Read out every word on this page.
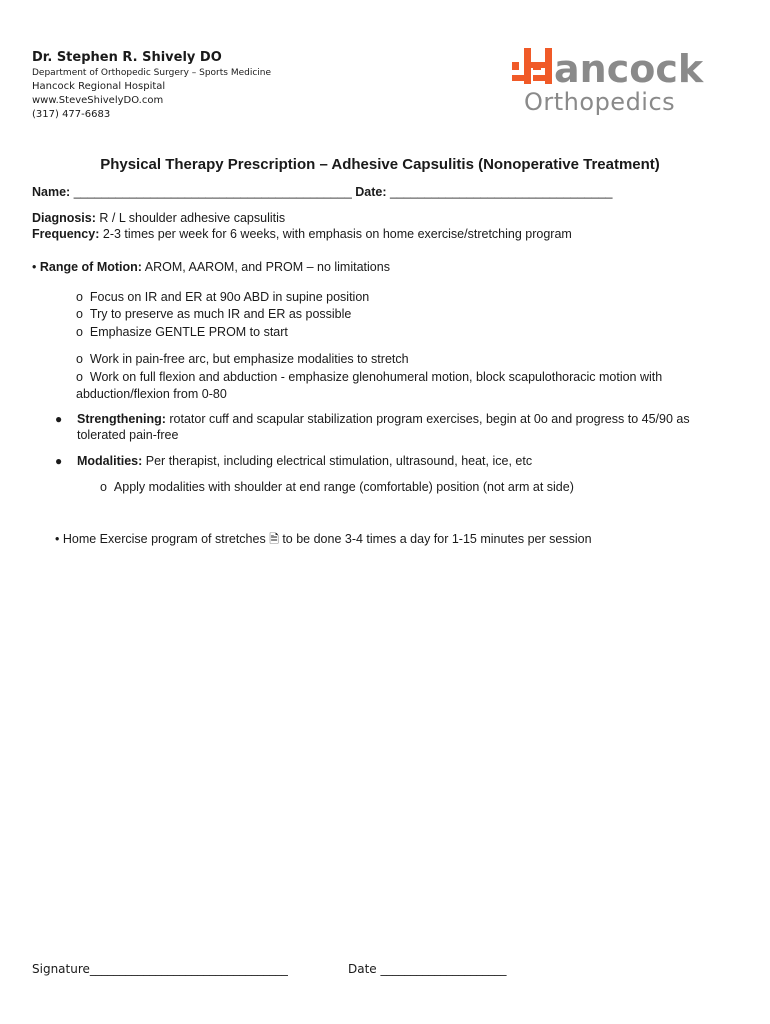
Dr. Stephen R. Shively DO
Department of Orthopedic Surgery – Sports Medicine
Hancock Regional Hospital
www.SteveShivelyDO.com
(317) 477-6683
ancock
Orthopedics
Physical Therapy Prescription – Adhesive Capsulitis (Nonoperative Treatment)
Name: ________________________________________ Date: ________________________________
Diagnosis: R / L shoulder adhesive capsulitis
Frequency: 2-3 times per week for 6 weeks, with emphasis on home exercise/stretching program
• Range of Motion: AROM, AAROM, and PROM – no limitations
o Focus on IR and ER at 90o ABD in supine position
o Try to preserve as much IR and ER as possible
o Emphasize GENTLE PROM to start
o Work in pain-free arc, but emphasize modalities to stretch
o Work on full flexion and abduction - emphasize glenohumeral motion, block scapulothoracic motion with
abduction/flexion from 0-80
● Strengthening: rotator cuff and scapular stabilization program exercises, begin at 0o and progress to 45/90 as
tolerated pain-free
● Modalities: Per therapist, including electrical stimulation, ultrasound, heat, ice, etc
o Apply modalities with shoulder at end range (comfortable) position (not arm at side)
• Home Exercise program of stretches 🗎 to be done 3-4 times a day for 1-15 minutes per session
Signature_________________________________	Date _____________________
